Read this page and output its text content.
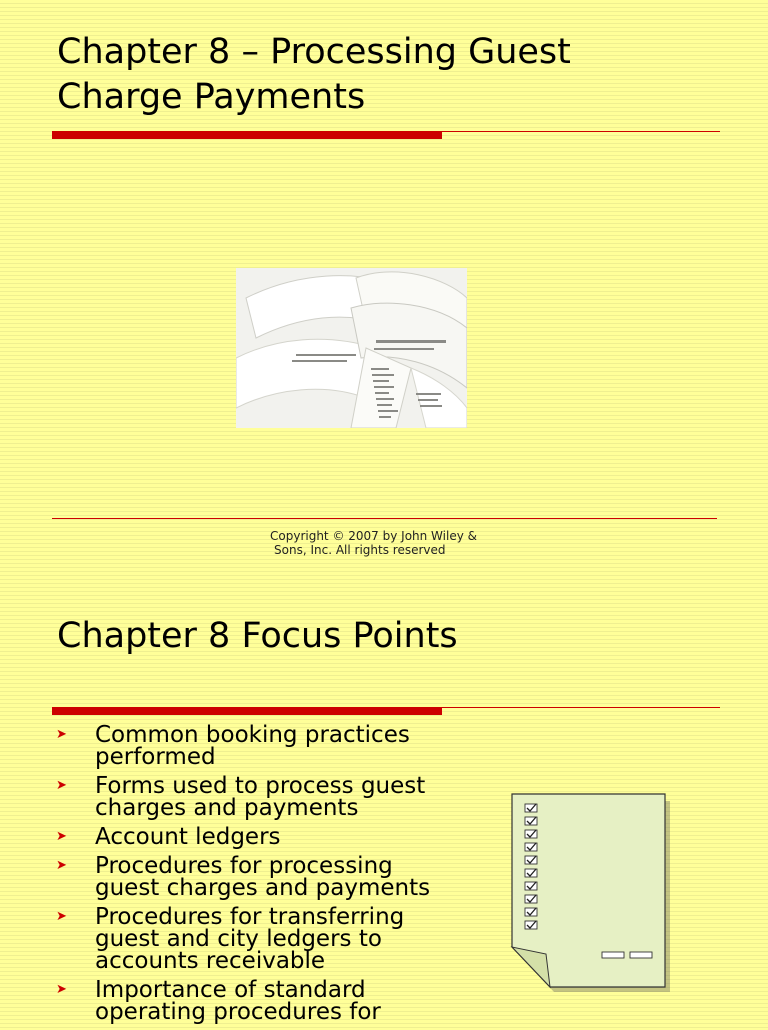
Chapter 8 – Processing Guest
Charge Payments
Copyright © 2007 by John Wiley &
Sons, Inc. All rights reserved
Chapter 8 Focus Points
➤ Common booking practices performed
➤ Forms used to process guest charges and payments
➤ Account ledgers
➤ Procedures for processing guest charges and payments
➤ Procedures for transferring guest and city ledgers to accounts receivable
➤ Importance of standard operating procedures for
